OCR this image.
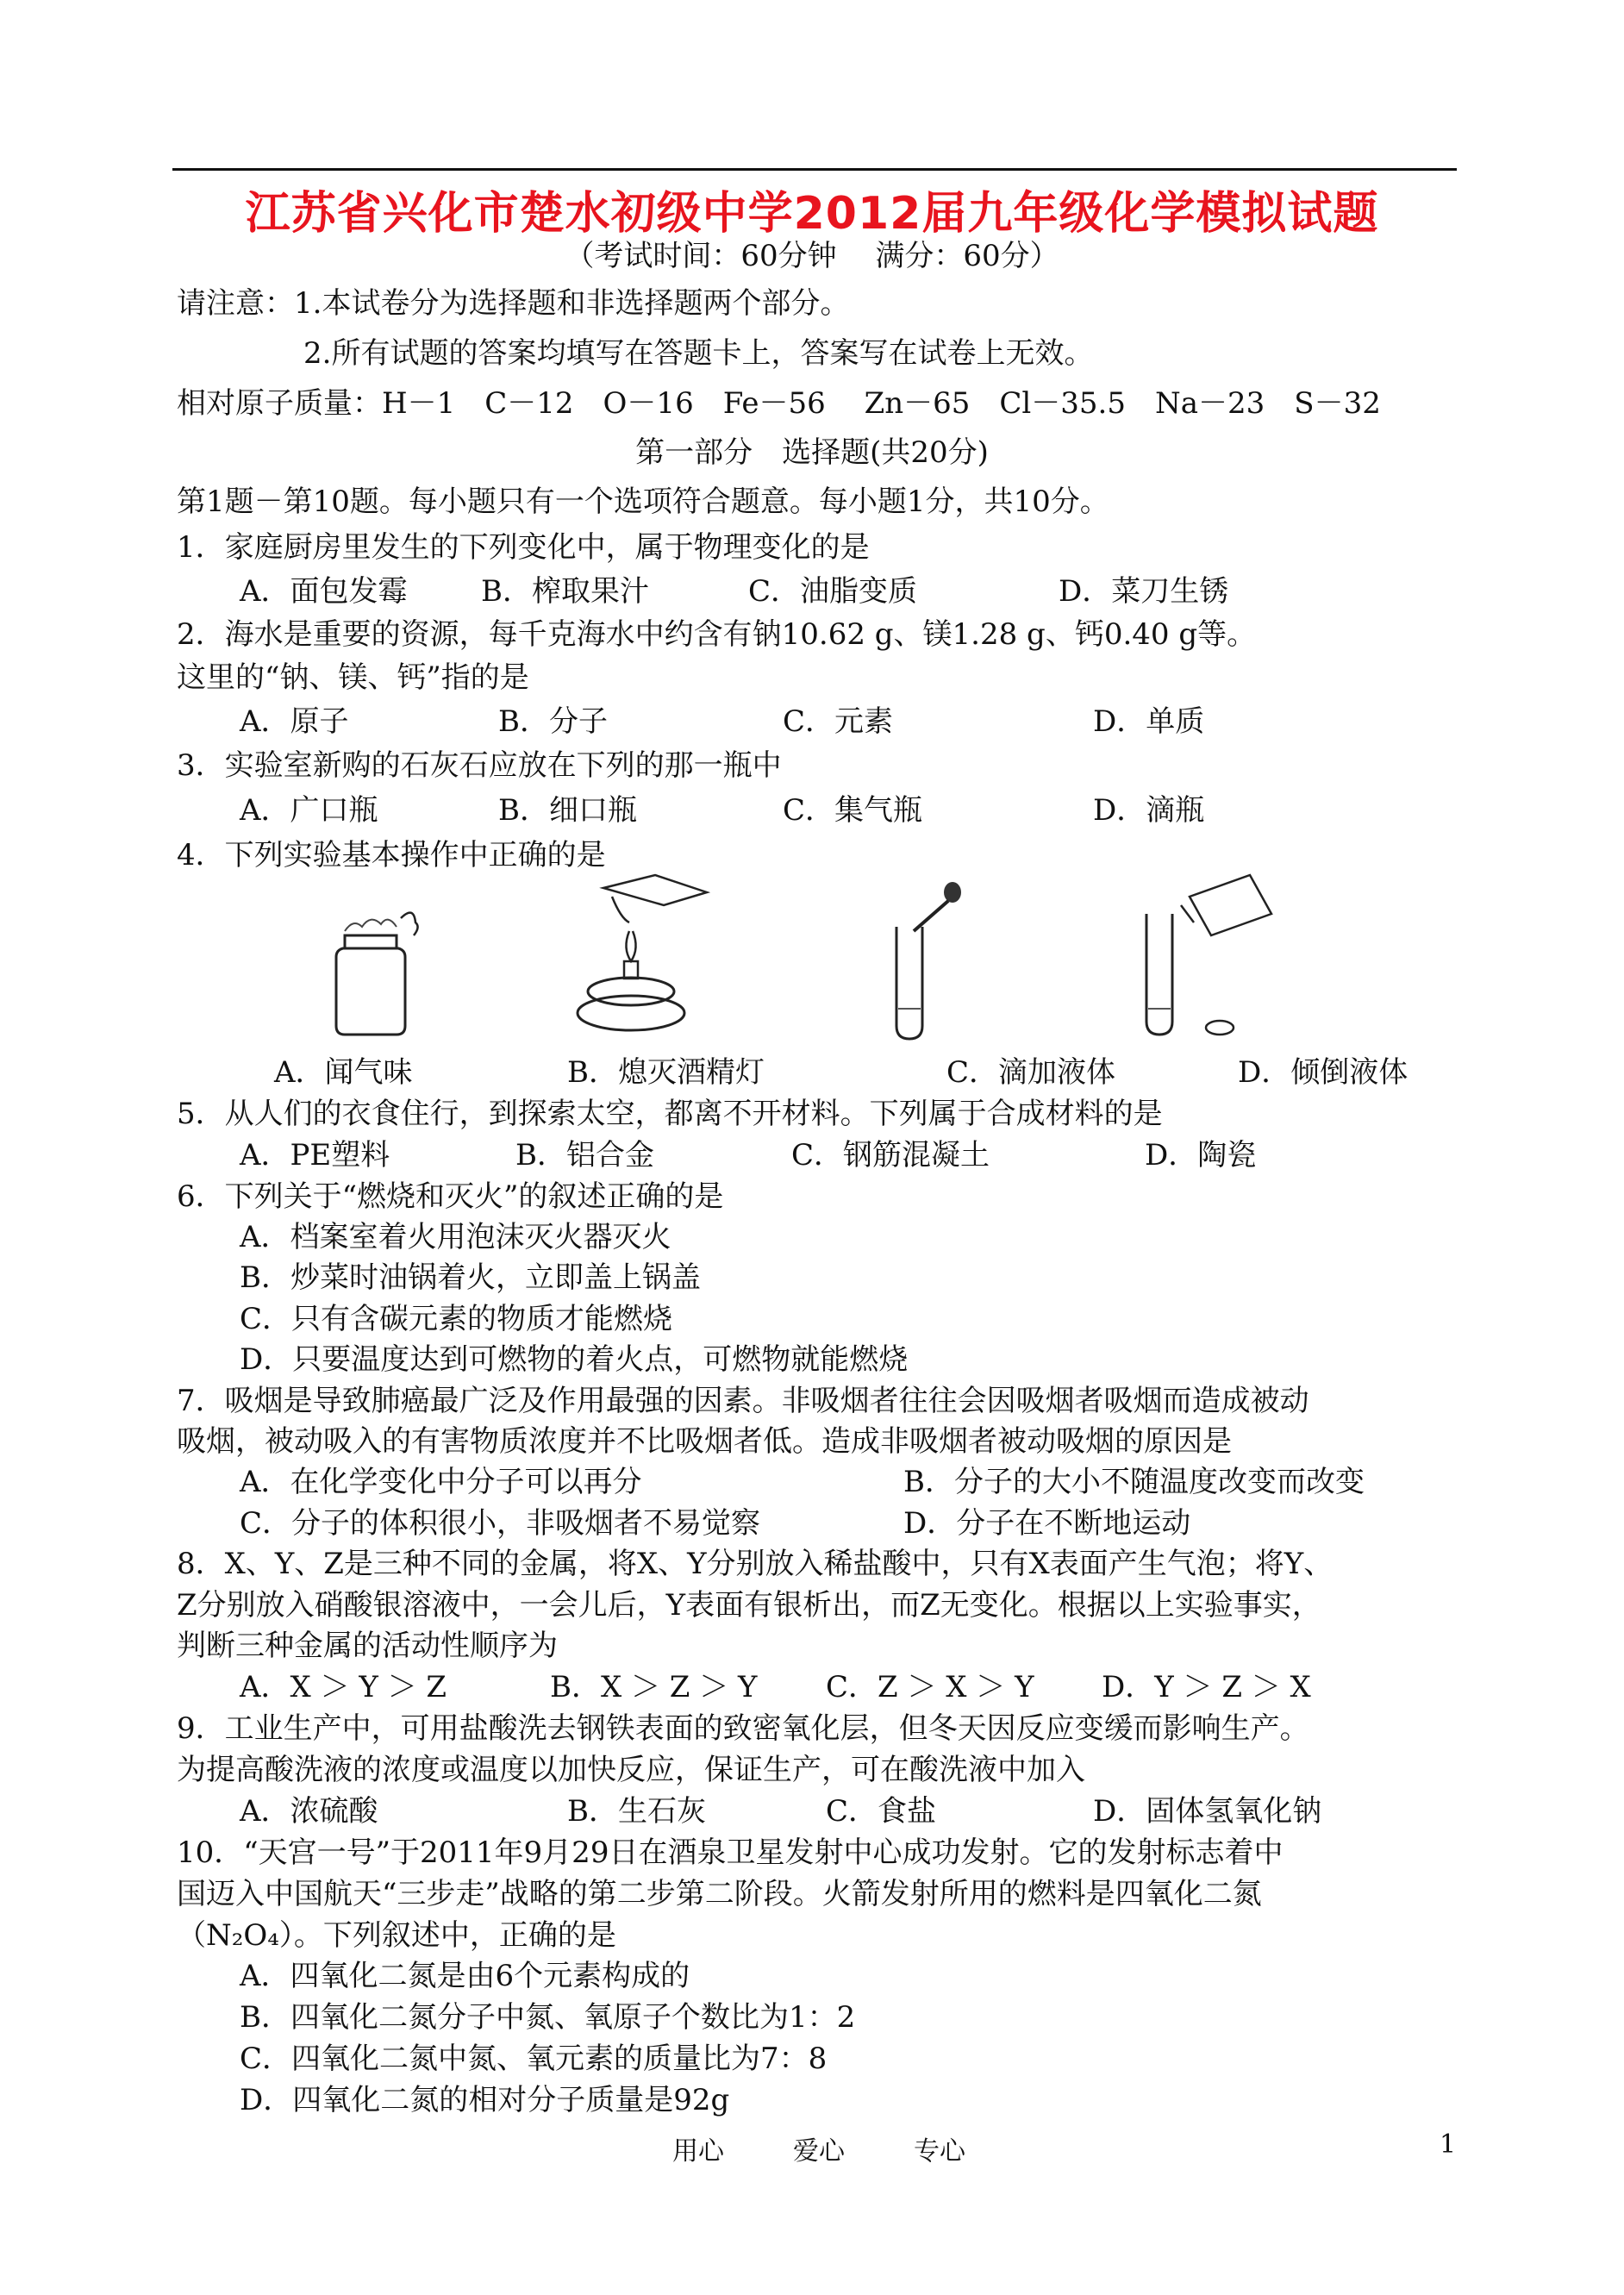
江苏省兴化市楚水初级中学2012届九年级化学模拟试题
（考试时间：60分钟　 满分：60分）
请注意：1.本试卷分为选择题和非选择题两个部分。
2.所有试题的答案均填写在答题卡上，答案写在试卷上无效。
相对原子质量：H－1　C－12　O－16　Fe－56　 Zn－65　Cl－35.5　Na－23　S－32
第一部分　选择题(共20分)
第1题－第10题。每小题只有一个选项符合题意。每小题1分，共10分。
1．家庭厨房里发生的下列变化中，属于物理变化的是
A．面包发霉	B．榨取果汁	C．油脂变质	D．菜刀生锈
2．海水是重要的资源，每千克海水中约含有钠10.62 g、镁1.28 g、钙0.40 g等。
这里的“钠、镁、钙”指的是
A．原子	B．分子	C．元素	D．单质
3．实验室新购的石灰石应放在下列的那一瓶中
A．广口瓶	B．细口瓶	C．集气瓶	D．滴瓶
4．下列实验基本操作中正确的是
A．闻气味	B．熄灭酒精灯	C．滴加液体	D．倾倒液体
5．从人们的衣食住行，到探索太空，都离不开材料。下列属于合成材料的是
A．PE塑料	B．铝合金	C．钢筋混凝土	D．陶瓷
6．下列关于“燃烧和灭火”的叙述正确的是
A．档案室着火用泡沫灭火器灭火
B．炒菜时油锅着火，立即盖上锅盖
C．只有含碳元素的物质才能燃烧
D．只要温度达到可燃物的着火点，可燃物就能燃烧
7．吸烟是导致肺癌最广泛及作用最强的因素。非吸烟者往往会因吸烟者吸烟而造成被动
吸烟，被动吸入的有害物质浓度并不比吸烟者低。造成非吸烟者被动吸烟的原因是
A．在化学变化中分子可以再分	B．分子的大小不随温度改变而改变
C．分子的体积很小，非吸烟者不易觉察	D．分子在不断地运动
8．X、Y、Z是三种不同的金属，将X、Y分别放入稀盐酸中，只有X表面产生气泡；将Y、
Z分别放入硝酸银溶液中，一会儿后，Y表面有银析出，而Z无变化。根据以上实验事实，
判断三种金属的活动性顺序为
A．X ＞ Y ＞ Z	B．X ＞ Z ＞ Y C．Z ＞ X ＞ Y D．Y ＞ Z ＞ X
9．工业生产中，可用盐酸洗去钢铁表面的致密氧化层，但冬天因反应变缓而影响生产。
为提高酸洗液的浓度或温度以加快反应，保证生产，可在酸洗液中加入
A．浓硫酸	B．生石灰	C．食盐	D．固体氢氧化钠
10．“天宫一号”于2011年9月29日在酒泉卫星发射中心成功发射。它的发射标志着中
国迈入中国航天“三步走”战略的第二步第二阶段。火箭发射所用的燃料是四氧化二氮
（N₂O₄）。下列叙述中，正确的是
A．四氧化二氮是由6个元素构成的
B．四氧化二氮分子中氮、氧原子个数比为1：2
C．四氧化二氮中氮、氧元素的质量比为7：8
D．四氧化二氮的相对分子质量是92g
用心	爱心	专心	1
